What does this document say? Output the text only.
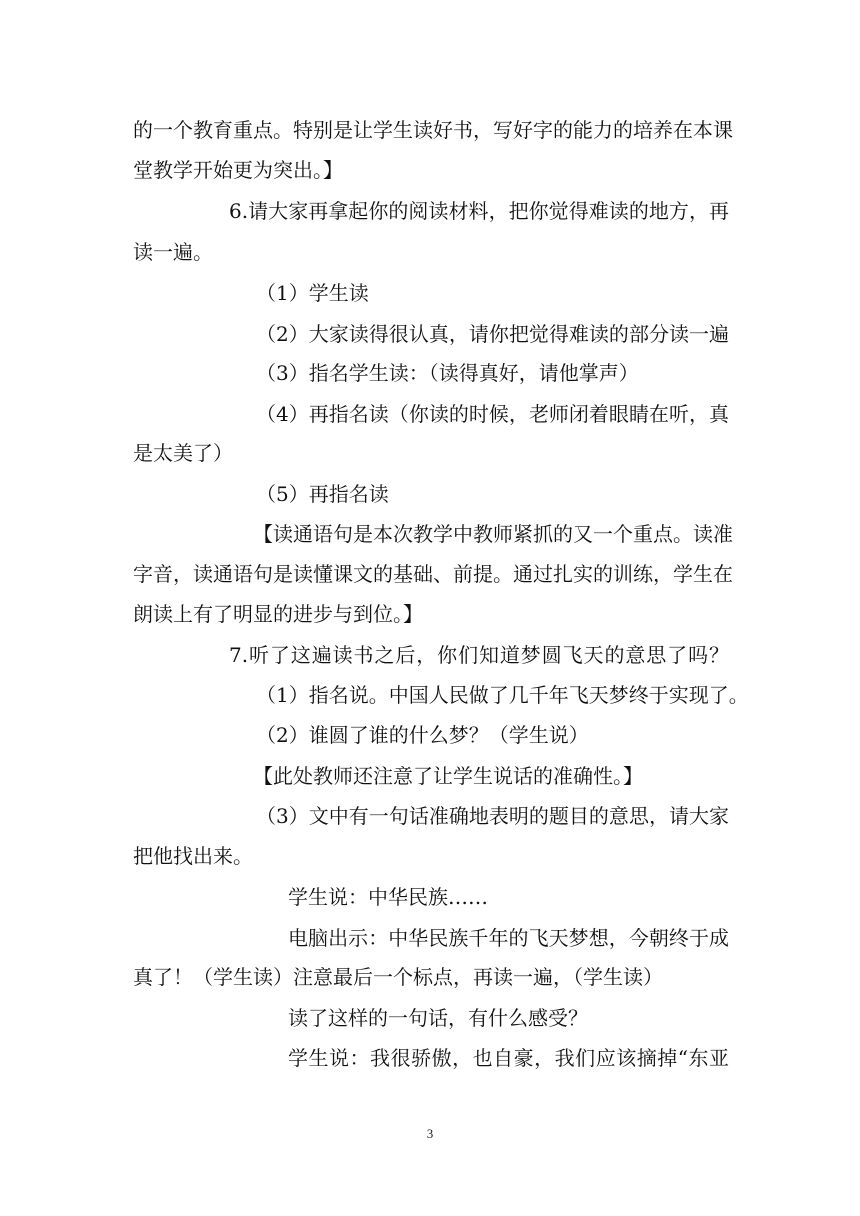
的一个教育重点。特别是让学生读好书，写好字的能力的培养在本课
堂教学开始更为突出。】
6.请大家再拿起你的阅读材料，把你觉得难读的地方，再
读一遍。
（1）学生读
（2）大家读得很认真，请你把觉得难读的部分读一遍
（3）指名学生读：（读得真好，请他掌声）
（4）再指名读（你读的时候，老师闭着眼睛在听，真
是太美了）
（5）再指名读
【读通语句是本次教学中教师紧抓的又一个重点。读准
字音，读通语句是读懂课文的基础、前提。通过扎实的训练，学生在
朗读上有了明显的进步与到位。】
7.听了这遍读书之后，你们知道梦圆飞天的意思了吗？
（1）指名说。中国人民做了几千年飞天梦终于实现了。
（2）谁圆了谁的什么梦？（学生说）
【此处教师还注意了让学生说话的准确性。】
（3）文中有一句话准确地表明的题目的意思，请大家
把他找出来。
学生说：中华民族……
电脑出示：中华民族千年的飞天梦想，今朝终于成
真了！（学生读）注意最后一个标点，再读一遍，（学生读）
读了这样的一句话，有什么感受？
学生说：我很骄傲，也自豪，我们应该摘掉“东亚
3
